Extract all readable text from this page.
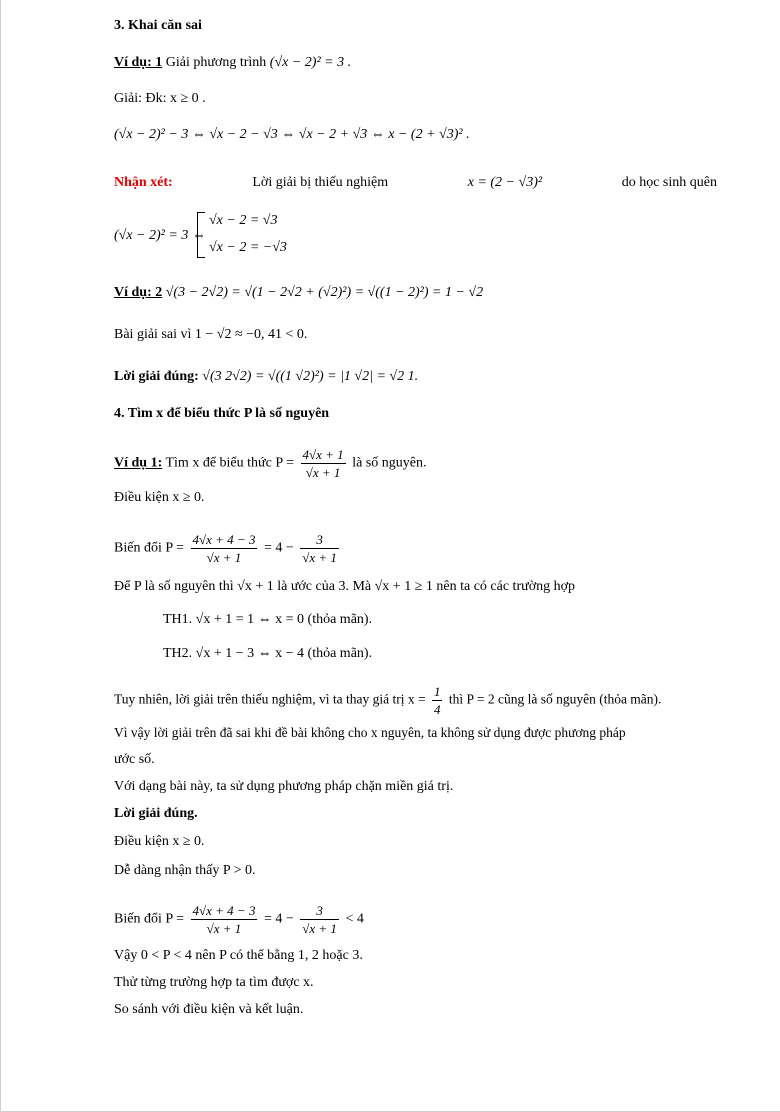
3. Khai căn sai
Ví dụ: 1 Giải phương trình (√x − 2)² = 3 .
Giải: Đk: x ≥ 0 .
(√x − 2)² − 3 ⇔ √x − 2 − √3 ⇔ √x − 2 + √3 ⇔ x − (2 + √3)² .
Nhận xét:	Lời giải bị thiếu nghiệm	x = (2 − √3)²	do học sinh quên
(√x − 2)² = 3 ⇔
√x − 2 = √3
√x − 2 = −√3
Ví dụ: 2 √(3 − 2√2) = √(1 − 2√2 + (√2)²) = √((1 − 2)²) = 1 − √2
Bài giải sai vì 1 − √2 ≈ −0, 41 < 0.
Lời giải đúng: √(3 2√2) = √((1 √2)²) = |1 √2| = √2 1.
4. Tìm x để biểu thức P là số nguyên
Ví dụ 1: Tìm x để biểu thức $P = \frac{4√x + 1}{√x + 1}$ là số nguyên.
Điều kiện x ≥ 0.
Biến đổi $P = \frac{4√x + 4 - 3}{√x + 1} = 4 - \frac{3}{√x + 1}$
Để P là số nguyên thì √x + 1 là ước của 3. Mà √x + 1 ≥ 1 nên ta có các trường hợp
TH1. √x + 1 = 1 ⇔ x = 0 (thỏa mãn).
TH2. √x + 1 − 3 ⇔ x − 4 (thỏa mãn).
Tuy nhiên, lời giải trên thiếu nghiệm, vì ta thay giá trị $x = \frac{1}{4}$ thì P = 2 cũng là số nguyên (thỏa mãn).
Vì vậy lời giải trên đã sai khi đề bài không cho x nguyên, ta không sử dụng được phương pháp
ước số.
Với dạng bài này, ta sử dụng phương pháp chặn miền giá trị.
Lời giải đúng.
Điều kiện x ≥ 0.
Dễ dàng nhận thấy P > 0.
Biến đổi $P = \frac{4√x + 4 - 3}{√x + 1} = 4 - \frac{3}{√x + 1} < 4$
Vậy 0 < P < 4 nên P có thể bằng 1, 2 hoặc 3.
Thử từng trường hợp ta tìm được x.
So sánh với điều kiện và kết luận.
